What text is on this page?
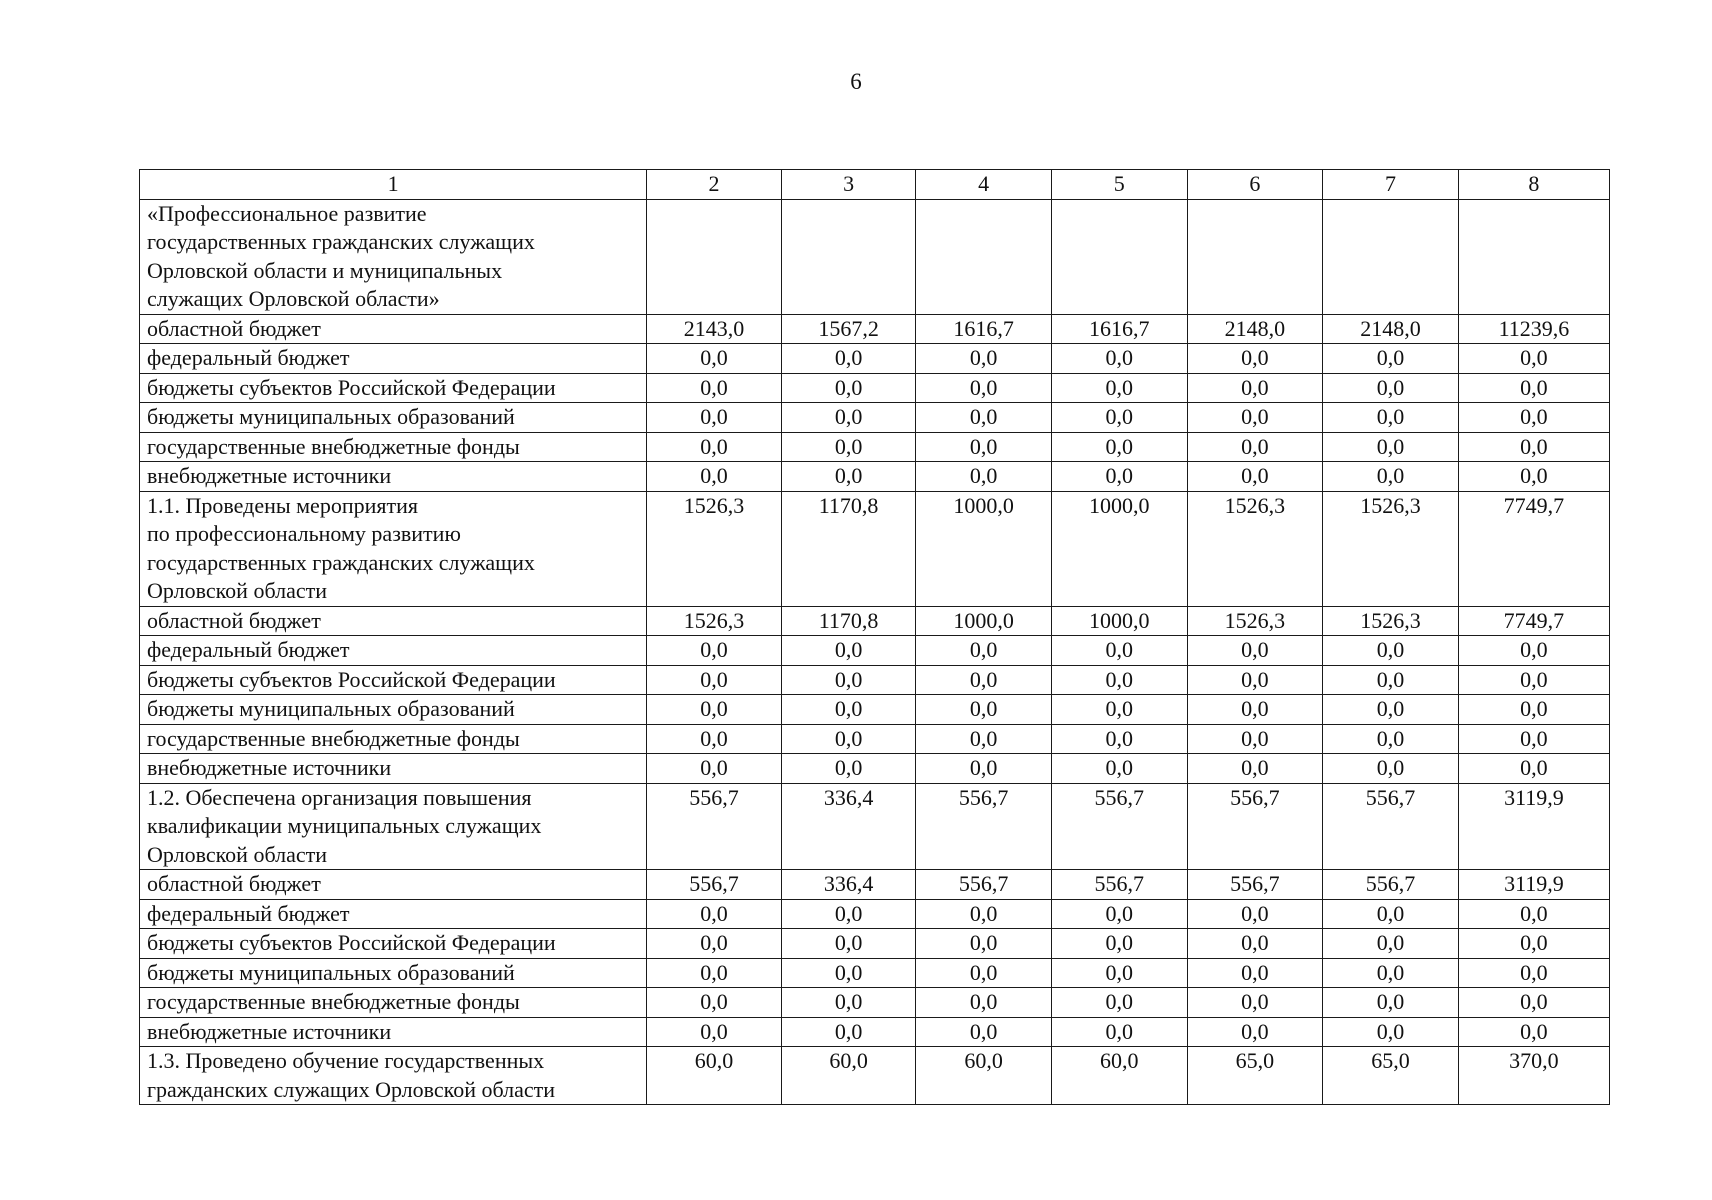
6
1	2	3	4	5	6	7	8

«Профессиональное развитие
государственных гражданских служащих
Орловской области и муниципальных
служащих Орловской области»							

областной бюджет	2143,0	1567,2	1616,7	1616,7	2148,0	2148,0	11239,6
федеральный бюджет	0,0	0,0	0,0	0,0	0,0	0,0	0,0
бюджеты субъектов Российской Федерации	0,0	0,0	0,0	0,0	0,0	0,0	0,0
бюджеты муниципальных образований	0,0	0,0	0,0	0,0	0,0	0,0	0,0
государственные внебюджетные фонды	0,0	0,0	0,0	0,0	0,0	0,0	0,0
внебюджетные источники	0,0	0,0	0,0	0,0	0,0	0,0	0,0

1.1. Проведены мероприятия
по профессиональному развитию
государственных гражданских служащих
Орловской области	1526,3	1170,8	1000,0	1000,0	1526,3	1526,3	7749,7
областной бюджет	1526,3	1170,8	1000,0	1000,0	1526,3	1526,3	7749,7
федеральный бюджет	0,0	0,0	0,0	0,0	0,0	0,0	0,0
бюджеты субъектов Российской Федерации	0,0	0,0	0,0	0,0	0,0	0,0	0,0
бюджеты муниципальных образований	0,0	0,0	0,0	0,0	0,0	0,0	0,0
государственные внебюджетные фонды	0,0	0,0	0,0	0,0	0,0	0,0	0,0
внебюджетные источники	0,0	0,0	0,0	0,0	0,0	0,0	0,0

1.2. Обеспечена организация повышения
квалификации муниципальных служащих
Орловской области	556,7	336,4	556,7	556,7	556,7	556,7	3119,9
областной бюджет	556,7	336,4	556,7	556,7	556,7	556,7	3119,9
федеральный бюджет	0,0	0,0	0,0	0,0	0,0	0,0	0,0
бюджеты субъектов Российской Федерации	0,0	0,0	0,0	0,0	0,0	0,0	0,0
бюджеты муниципальных образований	0,0	0,0	0,0	0,0	0,0	0,0	0,0
государственные внебюджетные фонды	0,0	0,0	0,0	0,0	0,0	0,0	0,0
внебюджетные источники	0,0	0,0	0,0	0,0	0,0	0,0	0,0

1.3. Проведено обучение государственных
гражданских служащих Орловской области	60,0	60,0	60,0	60,0	65,0	65,0	370,0
